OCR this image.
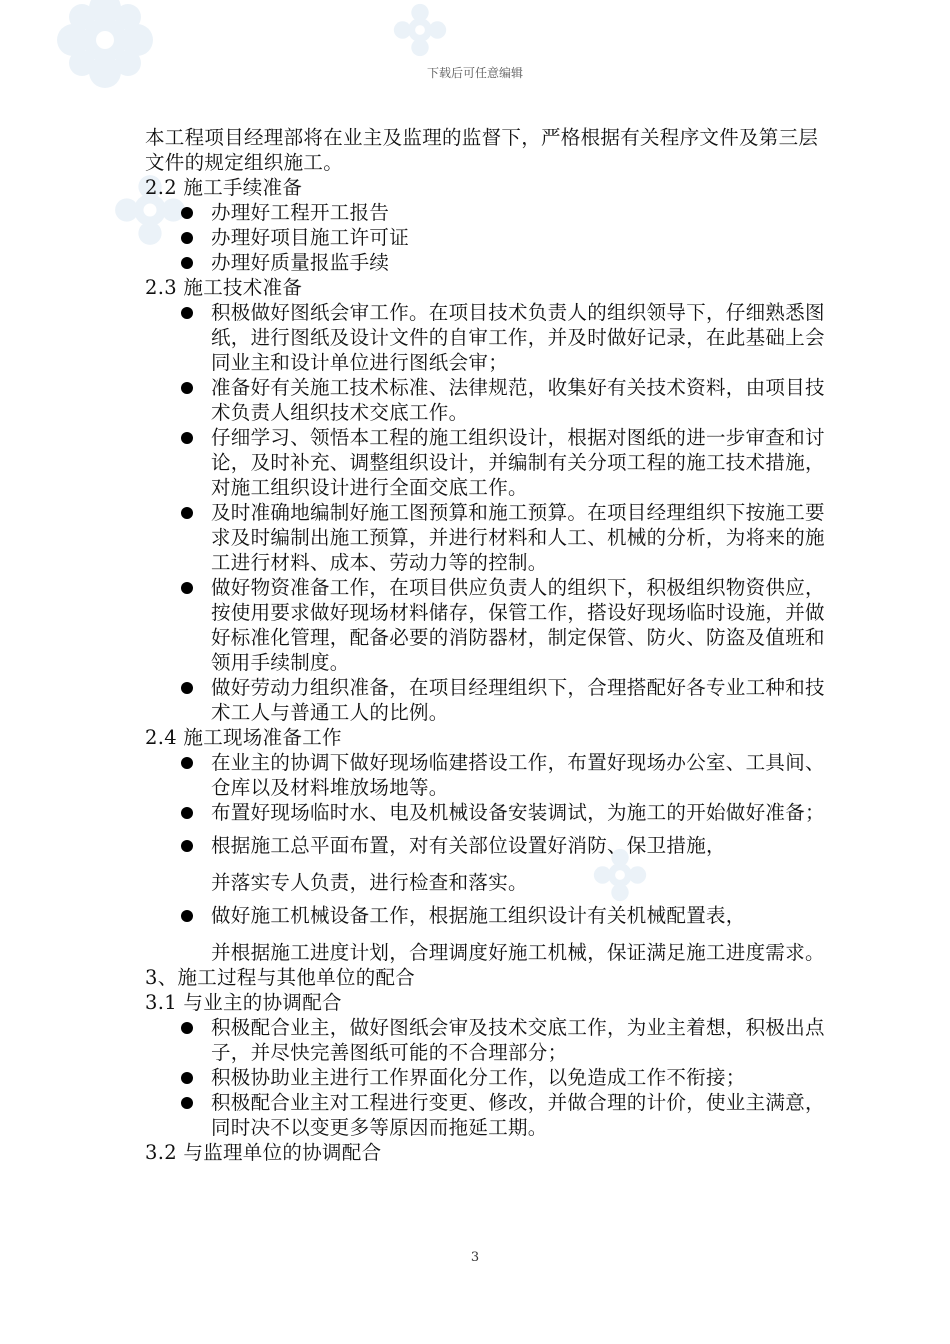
下载后可任意编辑

本工程项目经理部将在业主及监理的监督下，严格根据有关程序文件及第三层文件的规定组织施工。

2.2 施工手续准备

办理好工程开工报告
办理好项目施工许可证
办理好质量报监手续

2.3 施工技术准备

积极做好图纸会审工作。在项目技术负责人的组织领导下，仔细熟悉图纸，进行图纸及设计文件的自审工作，并及时做好记录，在此基础上会同业主和设计单位进行图纸会审；
准备好有关施工技术标准、法律规范，收集好有关技术资料，由项目技术负责人组织技术交底工作。
仔细学习、领悟本工程的施工组织设计，根据对图纸的进一步审查和讨论，及时补充、调整组织设计，并编制有关分项工程的施工技术措施，对施工组织设计进行全面交底工作。
及时准确地编制好施工图预算和施工预算。在项目经理组织下按施工要求及时编制出施工预算，并进行材料和人工、机械的分析，为将来的施工进行材料、成本、劳动力等的控制。
做好物资准备工作，在项目供应负责人的组织下，积极组织物资供应，按使用要求做好现场材料储存，保管工作，搭设好现场临时设施，并做好标准化管理，配备必要的消防器材，制定保管、防火、防盗及值班和领用手续制度。
做好劳动力组织准备，在项目经理组织下，合理搭配好各专业工种和技术工人与普通工人的比例。

2.4 施工现场准备工作

在业主的协调下做好现场临建搭设工作，布置好现场办公室、工具间、仓库以及材料堆放场地等。
布置好现场临时水、电及机械设备安装调试，为施工的开始做好准备；
根据施工总平面布置，对有关部位设置好消防、保卫措施，
并落实专人负责，进行检查和落实。
做好施工机械设备工作，根据施工组织设计有关机械配置表，
并根据施工进度计划，合理调度好施工机械，保证满足施工进度需求。

3、施工过程与其他单位的配合

3.1 与业主的协调配合

积极配合业主，做好图纸会审及技术交底工作，为业主着想，积极出点子，并尽快完善图纸可能的不合理部分；
积极协助业主进行工作界面化分工作，以免造成工作不衔接；
积极配合业主对工程进行变更、修改，并做合理的计价，使业主满意，同时决不以变更多等原因而拖延工期。

3.2 与监理单位的协调配合

3
